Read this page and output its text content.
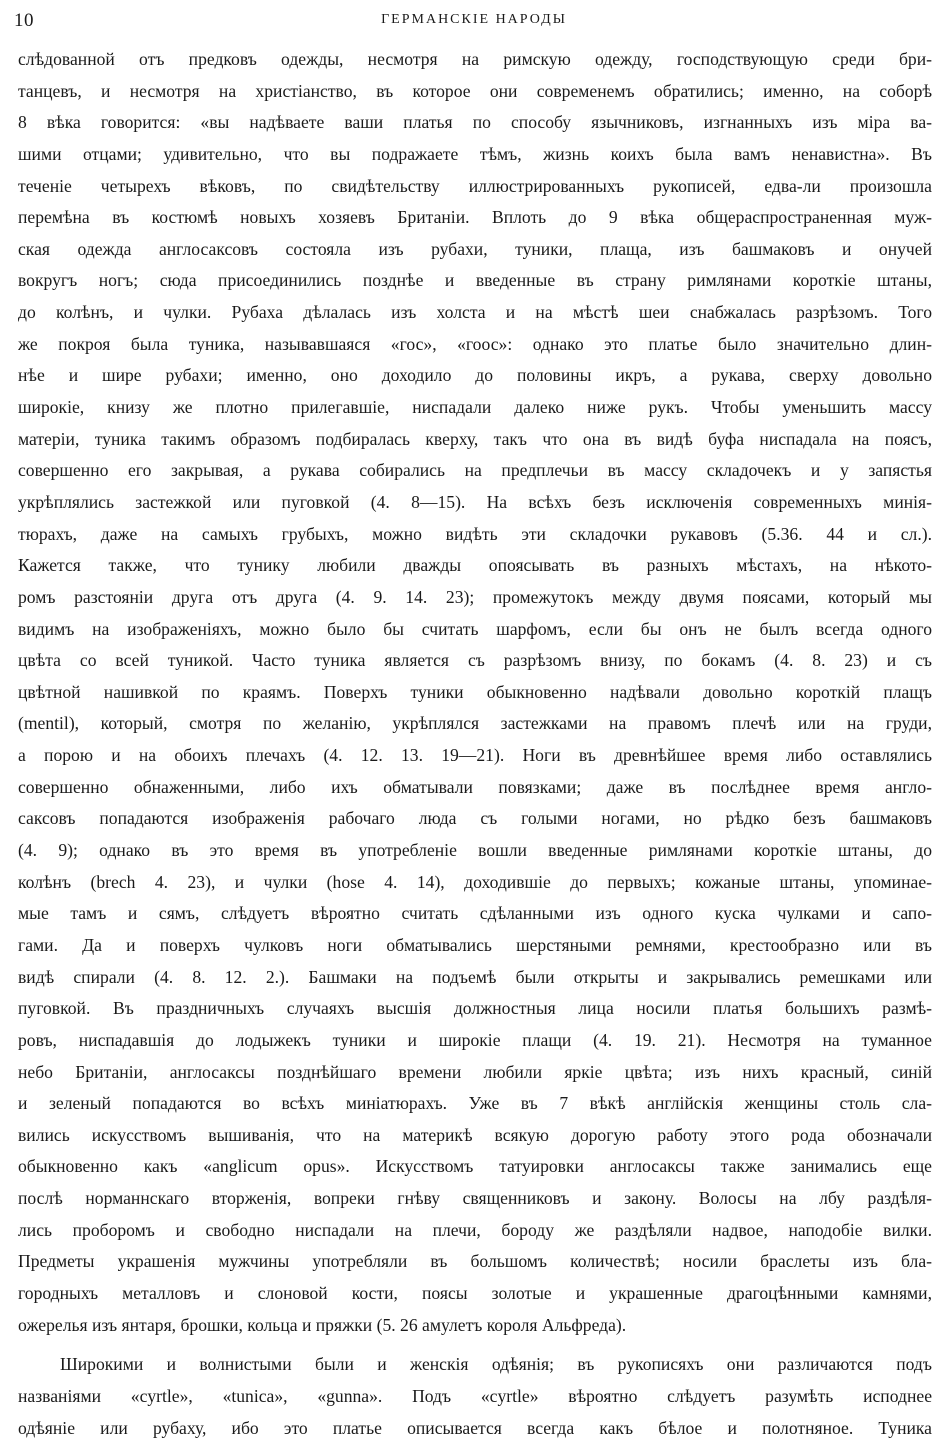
10	ГЕРМАНСКІЕ НАРОДЫ
слѣдованной отъ предковъ одежды, несмотря на римскую одежду, господствующую среди бри-
танцевъ, и несмотря на христіанство, въ которое они современемъ обратились; именно, на соборѣ
8 вѣка говорится: «вы надѣваете ваши платья по способу язычниковъ, изгнанныхъ изъ міра ва-
шими отцами; удивительно, что вы подражаете тѣмъ, жизнь коихъ была вамъ ненавистна». Въ
теченіе четырехъ вѣковъ, по свидѣтельству иллюстрированныхъ рукописей, едва-ли произошла
перемѣна въ костюмѣ новыхъ хозяевъ Британіи. Вплоть до 9 вѣка общераспространенная муж-
ская одежда англосаксовъ состояла изъ рубахи, туники, плаща, изъ башмаковъ и онучей
вокругъ ногъ; сюда присоединились позднѣе и введенные въ страну римлянами короткіе штаны,
до колѣнъ, и чулки. Рубаха дѣлалась изъ холста и на мѣстѣ шеи снабжалась разрѣзомъ. Того
же покроя была туника, называвшаяся «гос», «гоос»: однако это платье было значительно длин-
нѣе и шире рубахи; именно, оно доходило до половины икръ, а рукава, сверху довольно
широкіе, книзу же плотно прилегавшіе, ниспадали далеко ниже рукъ. Чтобы уменьшить массу
матеріи, туника такимъ образомъ подбиралась кверху, такъ что она въ видѣ буфа ниспадала на поясъ,
совершенно его закрывая, а рукава собирались на предплечьи въ массу складочекъ и у запястья
укрѣплялись застежкой или пуговкой (4. 8—15). На всѣхъ безъ исключенія современныхъ минія-
тюрахъ, даже на самыхъ грубыхъ, можно видѣть эти складочки рукавовъ (5.36. 44 и сл.).
Кажется также, что тунику любили дважды опоясывать въ разныхъ мѣстахъ, на нѣкото-
ромъ разстояніи друга отъ друга (4. 9. 14. 23); промежутокъ между двумя поясами, который мы
видимъ на изображеніяхъ, можно было бы считать шарфомъ, если бы онъ не былъ всегда одного
цвѣта со всей туникой. Часто туника является съ разрѣзомъ внизу, по бокамъ (4. 8. 23) и съ
цвѣтной нашивкой по краямъ. Поверхъ туники обыкновенно надѣвали довольно короткій плащъ
(mentil), который, смотря по желанію, укрѣплялся застежками на правомъ плечѣ или на груди,
а порою и на обоихъ плечахъ (4. 12. 13. 19—21). Ноги въ древнѣйшее время либо оставлялись
совершенно обнаженными, либо ихъ обматывали повязками; даже въ послѣднее время англо-
саксовъ попадаются изображенія рабочаго люда съ голыми ногами, но рѣдко безъ башмаковъ
(4. 9); однако въ это время въ употребленіе вошли введенные римлянами короткіе штаны, до
колѣнъ (brech 4. 23), и чулки (hose 4. 14), доходившіе до первыхъ; кожаные штаны, упоминае-
мые тамъ и сямъ, слѣдуетъ вѣроятно считать сдѣланными изъ одного куска чулками и сапо-
гами. Да и поверхъ чулковъ ноги обматывались шерстяными ремнями, крестообразно или въ
видѣ спирали (4. 8. 12. 2.). Башмаки на подъемѣ были открыты и закрывались ремешками или
пуговкой. Въ праздничныхъ случаяхъ высшія должностныя лица носили платья большихъ размѣ-
ровъ, ниспадавшія до лодыжекъ туники и широкіе плащи (4. 19. 21). Несмотря на туманное
небо Британіи, англосаксы позднѣйшаго времени любили яркіе цвѣта; изъ нихъ красный, синій
и зеленый попадаются во всѣхъ миніатюрахъ. Уже въ 7 вѣкѣ англійскія женщины столь сла-
вились искусствомъ вышиванія, что на материкѣ всякую дорогую работу этого рода обозначали
обыкновенно какъ «anglicum opus». Искусствомъ татуировки англосаксы также занимались еще
послѣ норманнскаго вторженія, вопреки гнѣву священниковъ и закону. Волосы на лбу раздѣля-
лись проборомъ и свободно ниспадали на плечи, бороду же раздѣляли надвое, наподобіе вилки.
Предметы украшенія мужчины употребляли въ большомъ количествѣ; носили браслеты изъ бла-
городныхъ металловъ и слоновой кости, поясы золотые и украшенные драгоцѣнными камнями,
ожерелья изъ янтаря, брошки, кольца и пряжки (5. 26 амулетъ короля Альфреда).
Широкими и волнистыми были и женскія одѣянія; въ рукописяхъ они различаются подъ
названіями «cyrtle», «tunica», «gunna». Подъ «cyrtle» вѣроятно слѣдуетъ разумѣть исподнее
одѣяніе или рубаху, ибо это платье описывается всегда какъ бѣлое и полотняное. Туника
